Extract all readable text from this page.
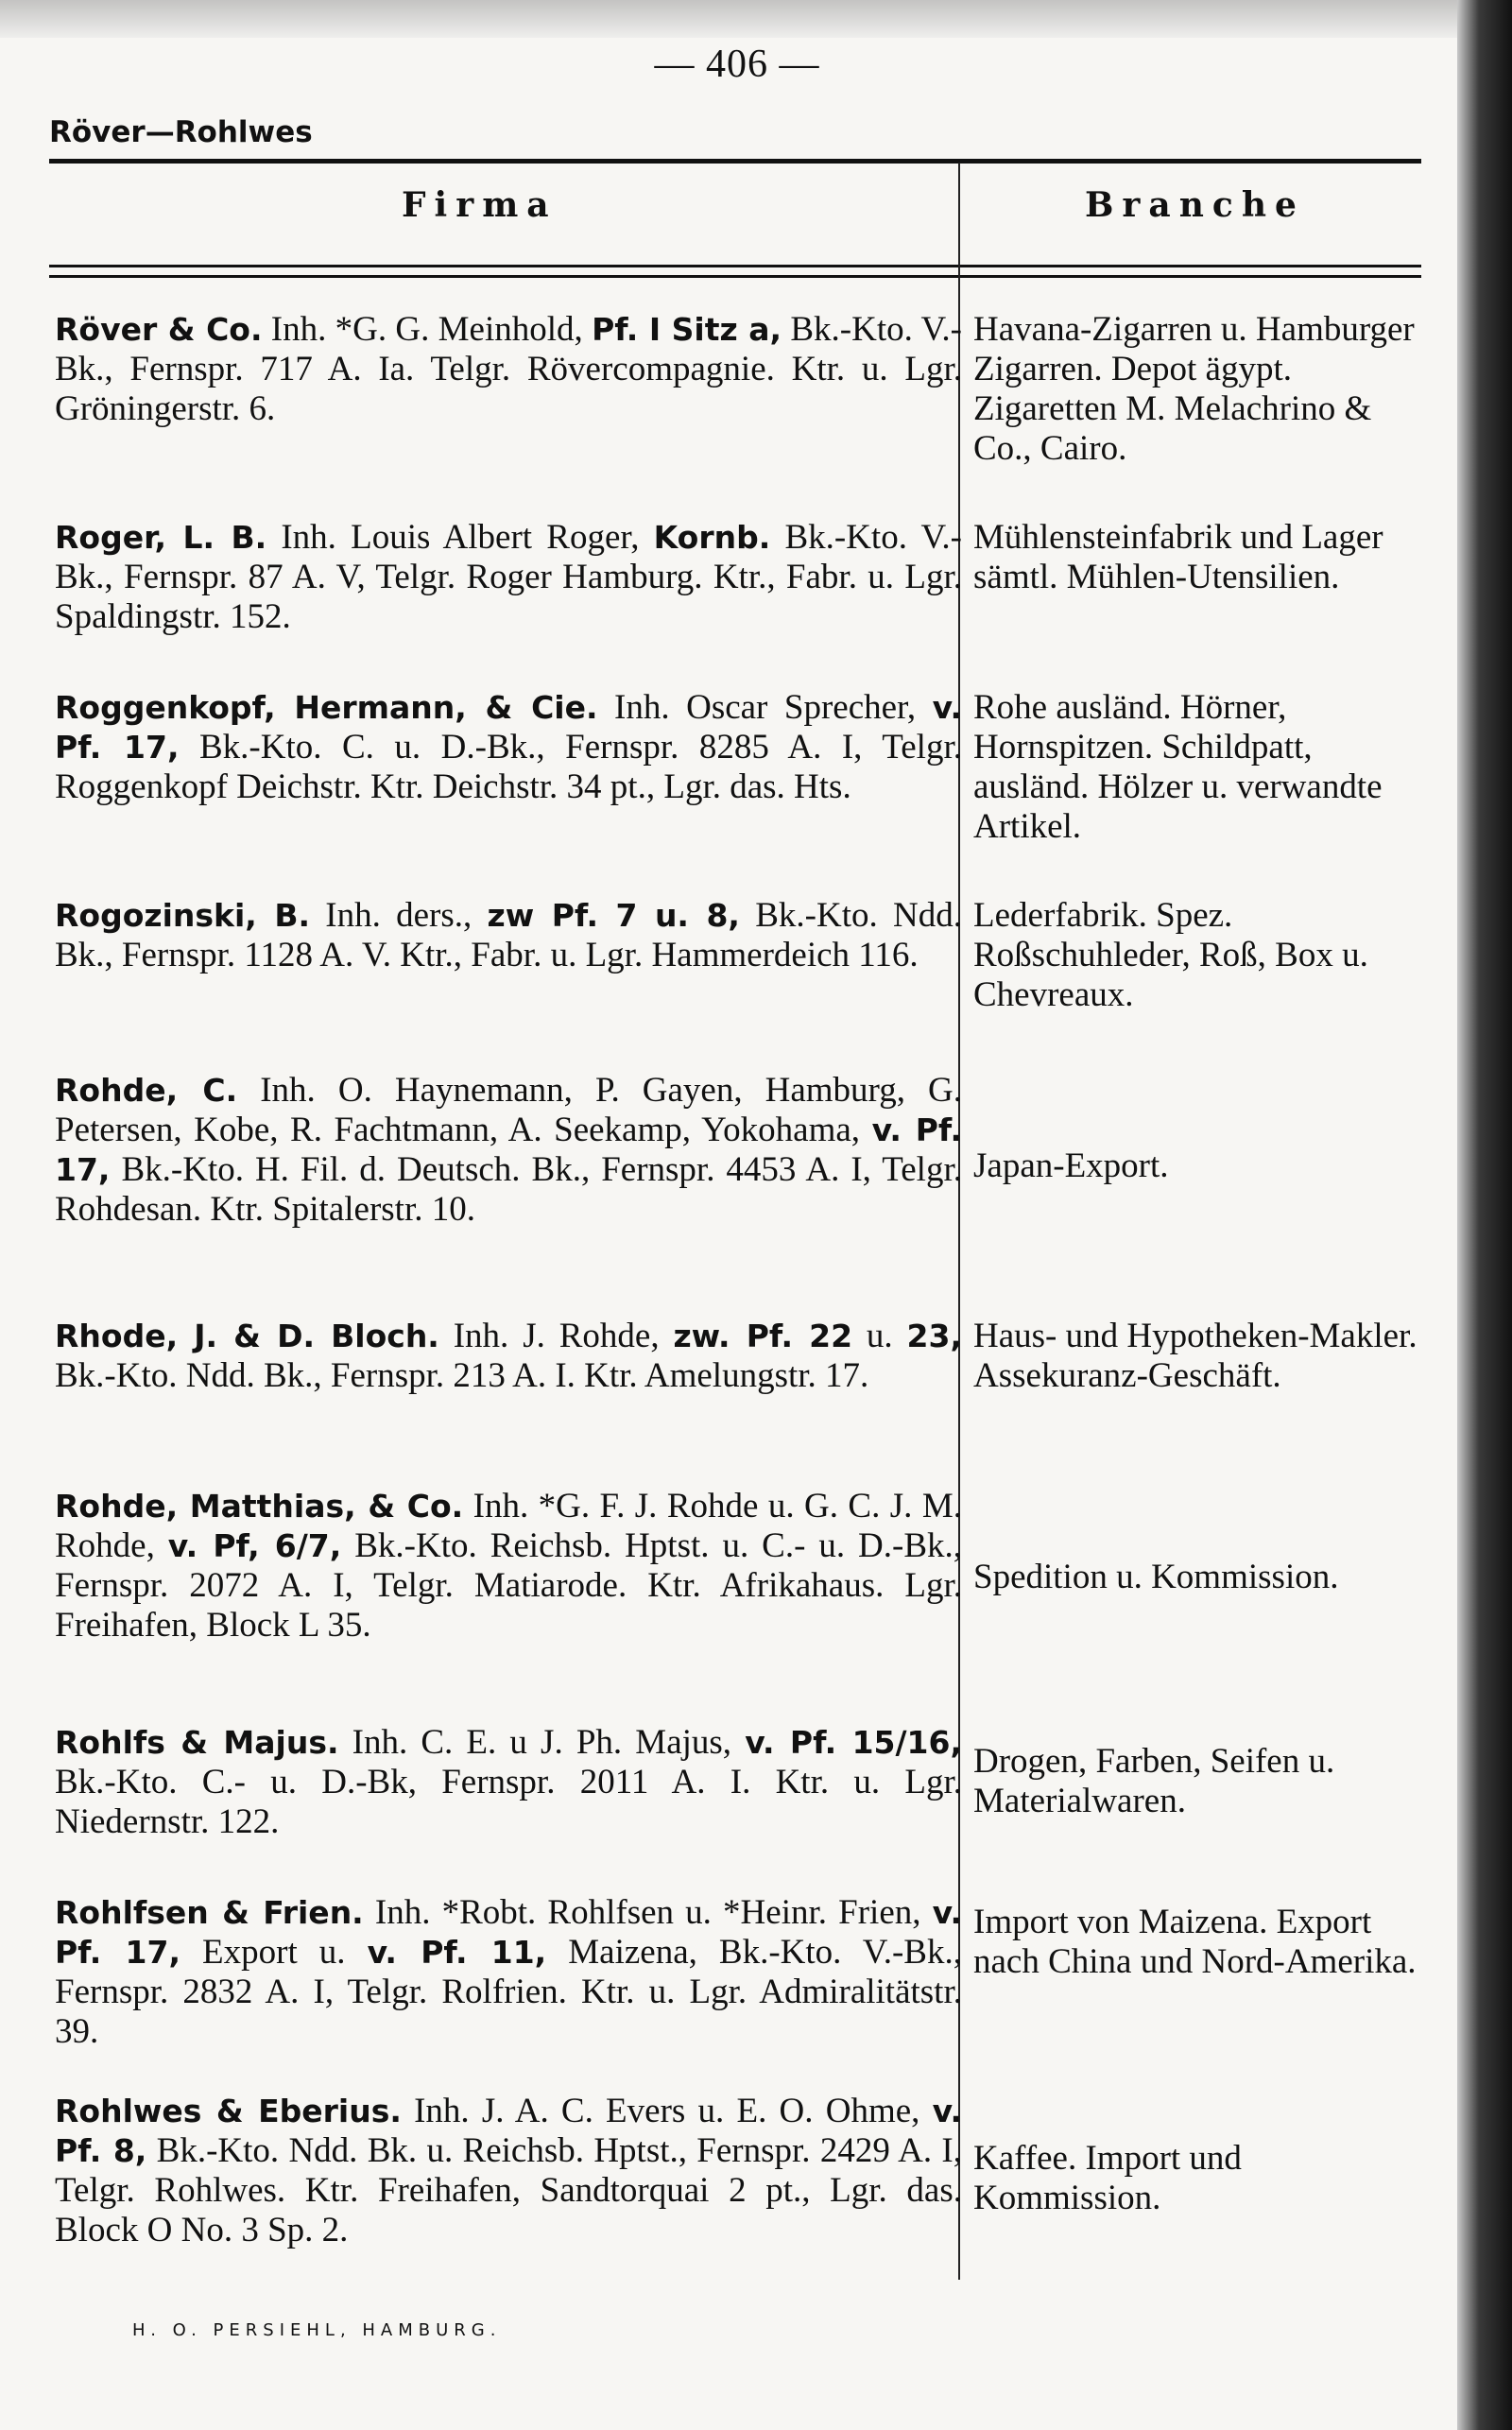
— 406 —
Röver—Rohlwes
Firma	Branche
Röver & Co. Inh. *G. G. Meinhold, Pf. I Sitz a, Bk.-Kto. V.-Bk., Fernspr. 717 A. Ia. Telgr. Rövercompagnie. Ktr. u. Lgr. Gröningerstr. 6.
Havana-Zigarren u. Hamburger Zigarren. Depot ägypt. Zigaretten M. Melachrino & Co., Cairo.
Roger, L. B. Inh. Louis Albert Roger, Kornb. Bk.-Kto. V.-Bk., Fernspr. 87 A. V, Telgr. Roger Hamburg. Ktr., Fabr. u. Lgr. Spaldingstr. 152.
Mühlensteinfabrik und Lager sämtl. Mühlen-Utensilien.
Roggenkopf, Hermann, & Cie. Inh. Oscar Sprecher, v. Pf. 17, Bk.-Kto. C. u. D.-Bk., Fernspr. 8285 A. I, Telgr. Roggenkopf Deichstr. Ktr. Deichstr. 34 pt., Lgr. das. Hts.
Rohe ausländ. Hörner, Hornspitzen. Schildpatt, ausländ. Hölzer u. verwandte Artikel.
Rogozinski, B. Inh. ders., zw Pf. 7 u. 8, Bk.-Kto. Ndd. Bk., Fernspr. 1128 A. V. Ktr., Fabr. u. Lgr. Hammerdeich 116.
Lederfabrik. Spez. Roßschuhleder, Roß, Box u. Chevreaux.
Rohde, C. Inh. O. Haynemann, P. Gayen, Hamburg, G. Petersen, Kobe, R. Fachtmann, A. Seekamp, Yokohama, v. Pf. 17, Bk.-Kto. H. Fil. d. Deutsch. Bk., Fernspr. 4453 A. I, Telgr. Rohdesan. Ktr. Spitalerstr. 10.
Japan-Export.
Rhode, J. & D. Bloch. Inh. J. Rohde, zw. Pf. 22 u. 23, Bk.-Kto. Ndd. Bk., Fernspr. 213 A. I. Ktr. Amelungstr. 17.
Haus- und Hypotheken-Makler. Assekuranz-Geschäft.
Rohde, Matthias, & Co. Inh. *G. F. J. Rohde u. G. C. J. M. Rohde, v. Pf, 6/7, Bk.-Kto. Reichsb. Hptst. u. C.- u. D.-Bk., Fernspr. 2072 A. I, Telgr. Matiarode. Ktr. Afrikahaus. Lgr. Freihafen, Block L 35.
Spedition u. Kommission.
Rohlfs & Majus. Inh. C. E. u J. Ph. Majus, v. Pf. 15/16, Bk.-Kto. C.- u. D.-Bk, Fernspr. 2011 A. I. Ktr. u. Lgr. Niedernstr. 122.
Drogen, Farben, Seifen u. Materialwaren.
Rohlfsen & Frien. Inh. *Robt. Rohlfsen u. *Heinr. Frien, v. Pf. 17, Export u. v. Pf. 11, Maizena, Bk.-Kto. V.-Bk., Fernspr. 2832 A. I, Telgr. Rolfrien. Ktr. u. Lgr. Admiralitätstr. 39.
Import von Maizena. Export nach China und Nord-Amerika.
Rohlwes & Eberius. Inh. J. A. C. Evers u. E. O. Ohme, v. Pf. 8, Bk.-Kto. Ndd. Bk. u. Reichsb. Hptst., Fernspr. 2429 A. I, Telgr. Rohlwes. Ktr. Freihafen, Sandtorquai 2 pt., Lgr. das. Block O No. 3 Sp. 2.
Kaffee. Import und Kommission.
H. O. PERSIEHL, HAMBURG.
